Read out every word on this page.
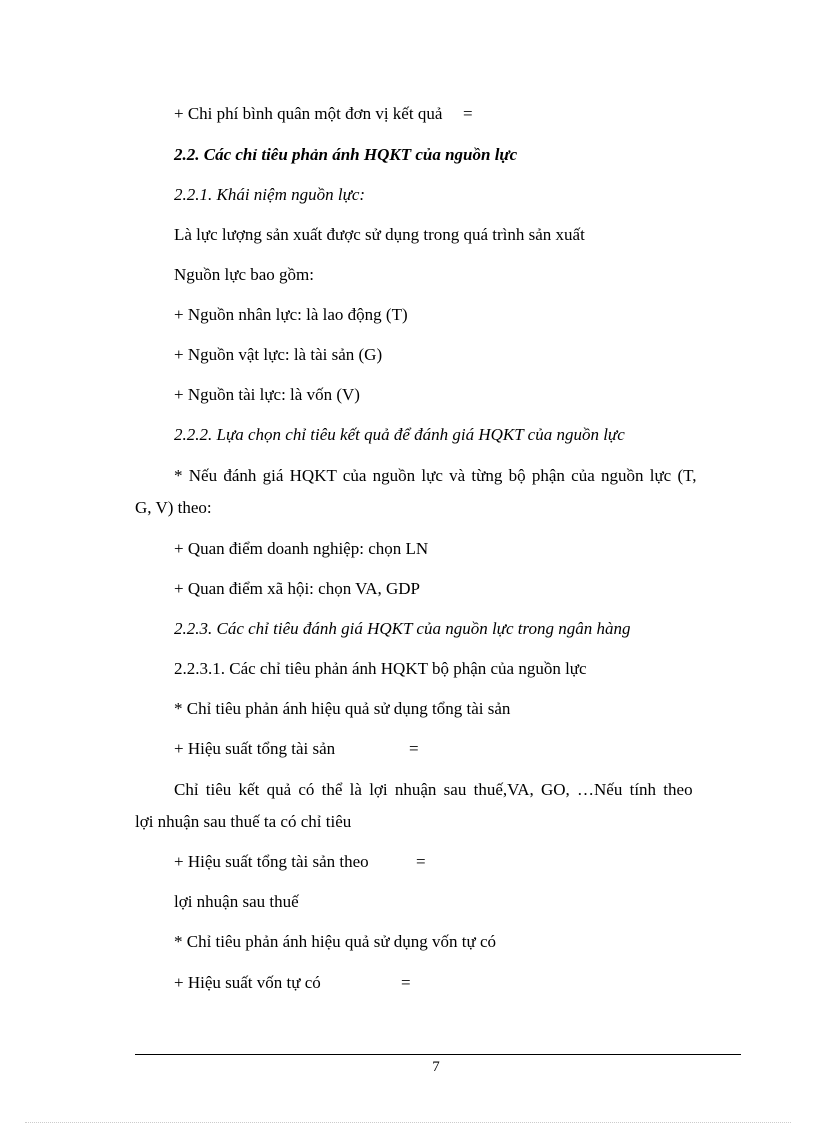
+ Chi phí bình quân một đơn vị kết quả =
2.2. Các chỉ tiêu phản ánh HQKT của nguồn lực
2.2.1. Khái niệm nguồn lực:
Là lực lượng sản xuất được sử dụng trong quá trình sản xuất
Nguồn lực bao gồm:
+ Nguồn nhân lực: là lao động (T)
+ Nguồn vật lực: là tài sản (G)
+ Nguồn tài lực: là vốn (V)
2.2.2. Lựa chọn chỉ tiêu kết quả để đánh giá HQKT của nguồn lực
* Nếu đánh giá HQKT của nguồn lực và từng bộ phận của nguồn lực (T,
G, V) theo:
+ Quan điểm doanh nghiệp: chọn LN
+ Quan điểm xã hội: chọn VA, GDP
2.2.3. Các chỉ tiêu đánh giá HQKT của nguồn lực trong ngân hàng
2.2.3.1. Các chỉ tiêu phản ánh HQKT bộ phận của nguồn lực
* Chỉ tiêu phản ánh hiệu quả sử dụng tổng tài sản
+ Hiệu suất tổng tài sản	=
Chỉ tiêu kết quả có thể là lợi nhuận sau thuế,VA, GO, …Nếu tính theo
lợi nhuận sau thuế ta có chỉ tiêu
+ Hiệu suất tổng tài sản theo	=
lợi nhuận sau thuế
* Chỉ tiêu phản ánh hiệu quả sử dụng vốn tự có
+ Hiệu suất vốn tự có	=
7
